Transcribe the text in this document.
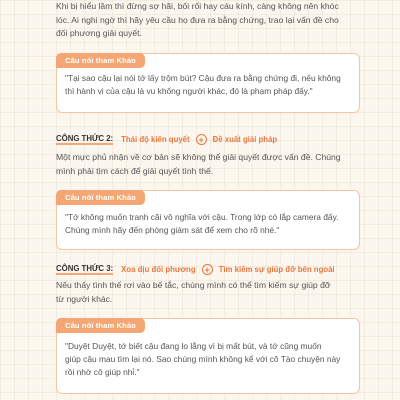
Khi bị hiểu lầm thì đừng sợ hãi, bối rối hay cáu kính, càng không nên khóc
lóc. Ai nghi ngờ thì hãy yêu cầu họ đưa ra bằng chứng, trao lại vấn đề cho
đối phương giải quyết.
Câu nói tham Khảo
"Tại sao cậu lại nói tớ lấy trộm bút? Cậu đưa ra bằng chứng đi, nếu không
thì hành vi của cậu là vu khống người khác, đó là phạm pháp đấy."
CÔNG THỨC 2: Thái độ kiên quyết +	Đề xuất giải pháp
Một mực phủ nhận về cơ bản sẽ không thể giải quyết được vấn đề. Chúng
mình phải tìm cách để giải quyết tình thế.
Câu nói tham Khảo
"Tớ không muốn tranh cãi vô nghĩa với cậu. Trong lớp có lắp camera đấy.
Chúng mình hãy đến phòng giám sát để xem cho rõ nhé."
CÔNG THỨC 3: Xoa dịu đối phương +	Tìm kiếm sự giúp đỡ bên ngoài
Nếu thấy tình thế rơi vào bế tắc, chúng mình có thể tìm kiếm sự giúp đỡ
từ người khác.
Câu nói tham Khảo
"Duyệt Duyệt, tớ biết cậu đang lo lắng vì bị mất bút, và tớ cũng muốn
giúp cậu mau tìm lại nó. Sao chúng mình không kể với cô Tào chuyện này
rồi nhờ cô giúp nhỉ."
